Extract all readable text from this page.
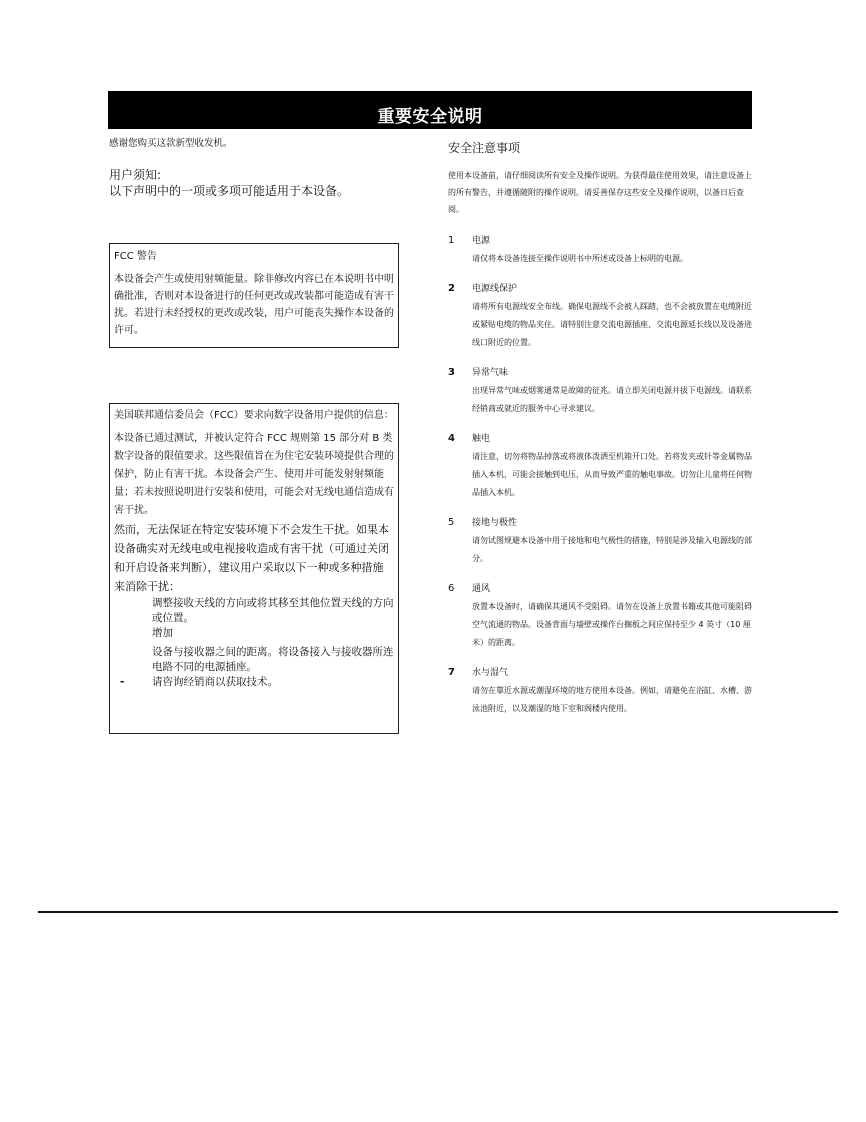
重要安全说明

感谢您购买这款新型收发机。

用户须知:

以下声明中的一项或多项可能适用于本设备。

FCC 警告

本设备会产生或使用射频能量。除非修改内容已在本说明书中明确批准，否则对本设备进行的任何更改或改装都可能造成有害干扰。若进行未经授权的更改或改装，用户可能丧失操作本设备的许可。

美国联邦通信委员会（FCC）要求向数字设备用户提供的信息：

本设备已通过测试，并被认定符合 FCC 规则第 15 部分对 B 类数字设备的限值要求。这些限值旨在为住宅安装环境提供合理的保护，防止有害干扰。本设备会产生、使用并可能发射射频能量；若未按照说明进行安装和使用，可能会对无线电通信造成有害干扰。

然而，无法保证在特定安装环境下不会发生干扰。如果本设备确实对无线电或电视接收造成有害干扰（可通过关闭和开启设备来判断），建议用户采取以下一种或多种措施来消除干扰：

调整接收天线的方向或将其移至其他位置天线的方向或位置。
增加
设备与接收器之间的距离。将设备接入与接收器所连电路不同的电源插座。
-	请咨询经销商以获取技术。

安全注意事项

使用本设备前，请仔细阅读所有安全及操作说明。为获得最佳使用效果，请注意设备上的所有警告，并遵循随附的操作说明。请妥善保存这些安全及操作说明，以备日后查阅。

1 电源

请仅将本设备连接至操作说明书中所述或设备上标明的电源。

2 电源线保护

请将所有电源线安全布线。确保电源线不会被人踩踏，也不会被放置在电缆附近或紧贴电缆的物品夹住。请特别注意交流电源插座、交流电源延长线以及设备进线口附近的位置。

3 异常气味

出现异常气味或烟雾通常是故障的征兆。请立即关闭电源并拔下电源线。请联系经销商或就近的服务中心寻求建议。

4 触电

请注意，切勿将物品掉落或将液体泼洒至机箱开口处。若将发夹或针等金属物品插入本机，可能会接触到电压，从而导致严重的触电事故。切勿让儿童将任何物品插入本机。

5 接地与极性

请勿试图规避本设备中用于接地和电气极性的措施，特别是涉及输入电源线的部分。

6 通风

放置本设备时，请确保其通风不受阻碍。请勿在设备上放置书籍或其他可能阻碍空气流通的物品。设备背面与墙壁或操作台搁板之间应保持至少 4 英寸（10 厘米）的距离。

7 水与湿气

请勿在靠近水源或潮湿环境的地方使用本设备。例如，请避免在浴缸、水槽、游泳池附近，以及潮湿的地下室和阁楼内使用。
